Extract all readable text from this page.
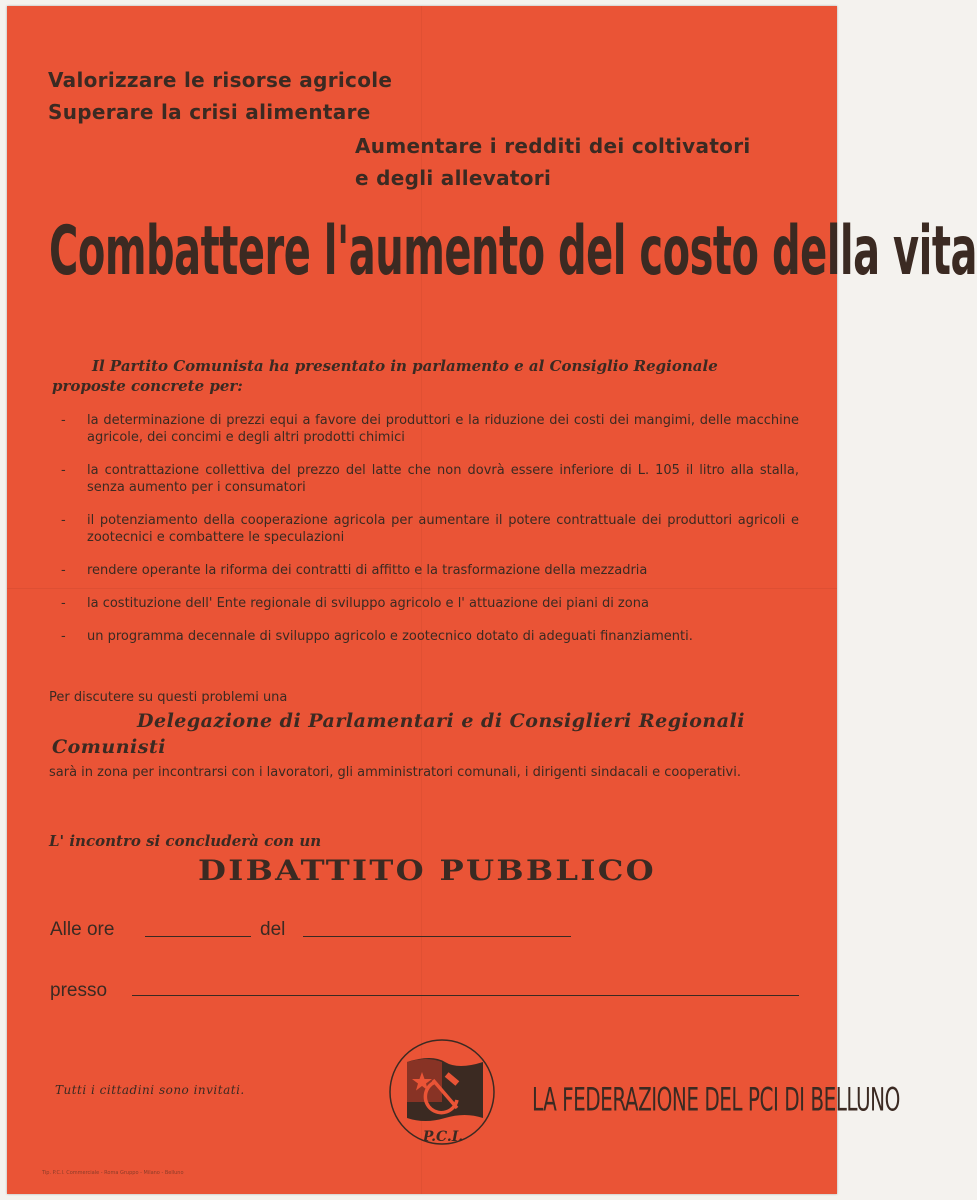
Valorizzare le risorse agricole
Superare la crisi alimentare
Aumentare i redditi dei coltivatori
e degli allevatori
Combattere l'aumento del costo della vita
Il Partito Comunista ha presentato in parlamento e al Consiglio Regionale
proposte concrete per:
- la determinazione di prezzi equi a favore dei produttori e la riduzione dei costi dei mangimi, delle macchine agricole, dei concimi e degli altri prodotti chimici
- la contrattazione collettiva del prezzo del latte che non dovrà essere inferiore di L. 105 il litro alla stalla, senza aumento per i consumatori
- il potenziamento della cooperazione agricola per aumentare il potere contrattuale dei produttori agricoli e zootecnici e combattere le speculazioni
- rendere operante la riforma dei contratti di affitto e la trasformazione della mezzadria
- la costituzione dell' Ente regionale di sviluppo agricolo e l' attuazione dei piani di zona
- un programma decennale di sviluppo agricolo e zootecnico dotato di adeguati finanziamenti.
Per discutere su questi problemi una
Delegazione di Parlamentari e di Consiglieri Regionali
Comunisti
sarà in zona per incontrarsi con i lavoratori, gli amministratori comunali, i dirigenti sindacali e cooperativi.
L' incontro si concluderà con un
DIBATTITO PUBBLICO
Alle ore	del
presso
Tutti i cittadini sono invitati.
P.C.I.
LA FEDERAZIONE DEL PCI DI BELLUNO
Tip. P.C.I. Commerciale - Roma Gruppo - Milano - Belluno
